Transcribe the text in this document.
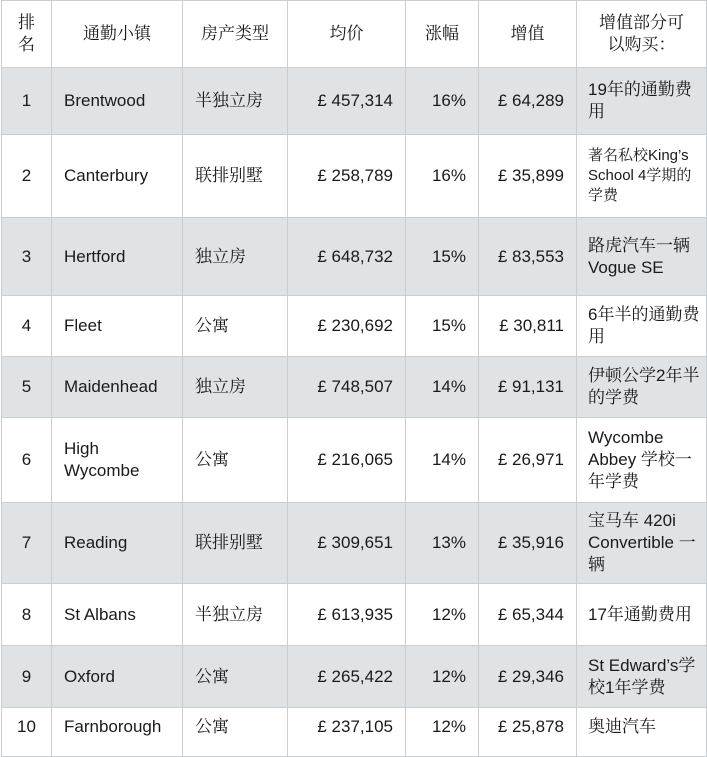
排名	通勤小镇	房产类型	均价	涨幅	增值	增值部分可以购买：
1	Brentwood	半独立房	£ 457,314	16%	£ 64,289	19年的通勤费用
2	Canterbury	联排别墅	£ 258,789	16%	£ 35,899	著名私校King’s School 4学期的学费
3	Hertford	独立房	£ 648,732	15%	£ 83,553	路虎汽车一辆 Vogue SE
4	Fleet	公寓	£ 230,692	15%	£ 30,811	6年半的通勤费用
5	Maidenhead	独立房	£ 748,507	14%	£ 91,131	伊顿公学2年半的学费
6	High Wycombe	公寓	£ 216,065	14%	£ 26,971	Wycombe Abbey 学校一年学费
7	Reading	联排别墅	£ 309,651	13%	£ 35,916	宝马车 420i Convertible 一辆
8	St Albans	半独立房	£ 613,935	12%	£ 65,344	17年通勤费用
9	Oxford	公寓	£ 265,422	12%	£ 29,346	St Edward’s学校1年学费
10	Farnborough	公寓	£ 237,105	12%	£ 25,878	奥迪汽车
